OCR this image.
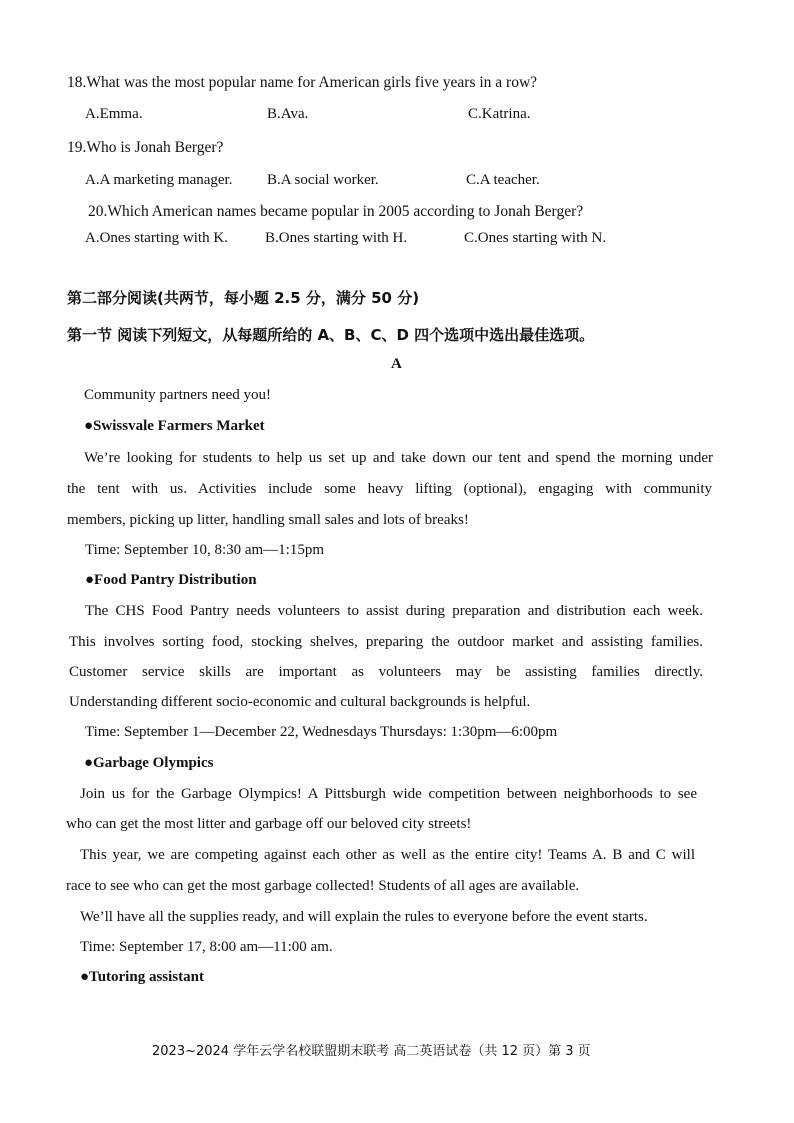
18.What was the most popular name for American girls five years in a row?
A.Emma.	B.Ava.	C.Katrina.
19.Who is Jonah Berger?
A.A marketing manager. B.A social worker.	C.A teacher.
20.Which American names became popular in 2005 according to Jonah Berger?
A.Ones starting with K. B.Ones starting with H.	C.Ones starting with N.
第二部分阅读(共两节，每小题 2.5 分，满分 50 分)
第一节 阅读下列短文，从每题所给的 A、B、C、D 四个选项中选出最佳选项。
A
Community partners need you!
●Swissvale Farmers Market
We’re looking for students to help us set up and take down our tent and spend the morning under
the tent with us. Activities include some heavy lifting (optional), engaging with community
members, picking up litter, handling small sales and lots of breaks!
Time: September 10, 8:30 am—1:15pm
●Food Pantry Distribution
The CHS Food Pantry needs volunteers to assist during preparation and distribution each week.
This involves sorting food, stocking shelves, preparing the outdoor market and assisting families.
Customer service skills are important as volunteers may be assisting families directly.
Understanding different socio-economic and cultural backgrounds is helpful.
Time: September 1—December 22, Wednesdays Thursdays: 1:30pm—6:00pm
●Garbage Olympics
Join us for the Garbage Olympics! A Pittsburgh wide competition between neighborhoods to see
who can get the most litter and garbage off our beloved city streets!
This year, we are competing against each other as well as the entire city! Teams A. B and C will
race to see who can get the most garbage collected! Students of all ages are available.
We’ll have all the supplies ready, and will explain the rules to everyone before the event starts.
Time: September 17, 8:00 am—11:00 am.
●Tutoring assistant
2023~2024 学年云学名校联盟期末联考 高二英语试卷（共 12 页）第 3 页
